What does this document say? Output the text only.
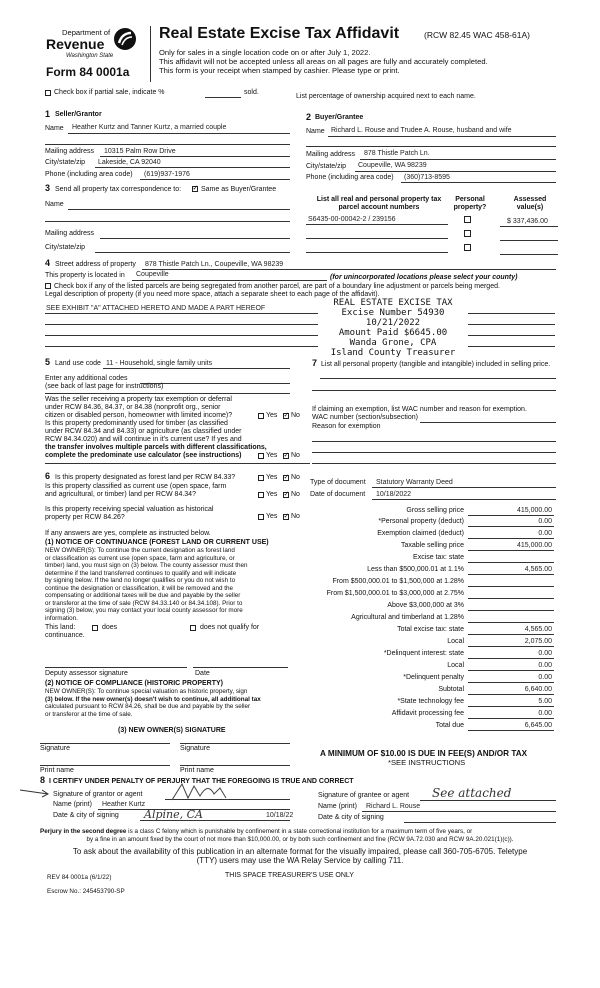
Department of
Revenue
Washington State
Form 84 0001a
Real Estate Excise Tax Affidavit	(RCW 82.45 WAC 458-61A)
Only for sales in a single location code on or after July 1, 2022.
This affidavit will not be accepted unless all areas on all pages are fully and accurately completed.
This form is your receipt when stamped by cashier. Please type or print.
Check box if partial sale, indicate %	sold.
List percentage of ownership acquired next to each name.
1 Seller/Grantor
Name Heather Kurtz and Tanner Kurtz, a married couple
Mailing address 10315 Palm Row Drive
City/state/zip Lakeside, CA 92040
Phone (including area code) (619)937-1976
2 Buyer/Grantee
Name Richard L. Rouse and Trudee A. Rouse, husband and wife
Mailing address 878 Thistle Patch Ln.
City/state/zip Coupeville, WA 98239
Phone (including area code) (360)713-8595
3 Send all property tax correspondence to: ✓	Same as Buyer/Grantee
Name
Mailing address
City/state/zip
List all real and personal property tax
parcel account numbers
Personal
property?
Assessed
value(s)
S6435-00-00042-2 / 239156	$ 337,436.00
4 Street address of property 878 Thistle Patch Ln., Coupeville, WA 98239
This property is located in Coupeville	(for unincorporated locations please select your county)
Check box if any of the listed parcels are being segregated from another parcel, are part of a boundary line adjustment or parcels being merged.
Legal description of property (if you need more space, attach a separate sheet to each page of the affidavit).
SEE EXHIBIT "A" ATTACHED HERETO AND MADE A PART HEREOF
REAL ESTATE EXCISE TAX
Excise Number 54930
10/21/2022
Amount Paid $6645.00
Wanda Grone, CPA
Island County Treasurer
5 Land use code 11 - Household, single family units
Enter any additional codes
(see back of last page for instructions)
Was the seller receiving a property tax exemption or deferral
under RCW 84.36, 84.37, or 84.38 (nonprofit org., senior
citizen or disabled person, homeowner with limited income)?	Yes ✓ No
Is this property predominantly used for timber (as classified
under RCW 84.34 and 84.33) or agriculture (as classified under
RCW 84.34.020) and will continue in it's current use? If yes and
the transfer involves multiple parcels with different classifications,
complete the predominate use calculator (see instructions)	Yes ✓ No
7 List all personal property (tangible and intangible) included in selling price.
If claiming an exemption, list WAC number and reason for exemption.
WAC number (section/subsection)
Reason for exemption
6 Is this property designated as forest land per RCW 84.33?	Yes ✓ No
Is this property classified as current use (open space, farm
and agricultural, or timber) land per RCW 84.34?	Yes ✓ No
Is this property receiving special valuation as historical
property per RCW 84.26?	Yes ✓ No
If any answers are yes, complete as instructed below.
(1) NOTICE OF CONTINUANCE (FOREST LAND OR CURRENT USE)
NEW OWNER(S): To continue the current designation as forest land
or classification as current use (open space, farm and agriculture, or
timber) land, you must sign on (3) below. The county assessor must then
determine if the land transferred continues to qualify and will indicate
by signing below. If the land no longer qualifies or you do not wish to
continue the designation or classification, it will be removed and the
compensating or additional taxes will be due and payable by the seller
or transferor at the time of sale (RCW 84.33.140 or 84.34.108). Prior to
signing (3) below, you may contact your local county assessor for more
information.
This land:	does	does not qualify for
continuance.
Deputy assessor signature	Date
(2) NOTICE OF COMPLIANCE (HISTORIC PROPERTY)
NEW OWNER(S): To continue special valuation as historic property, sign
(3) below. If the new owner(s) doesn't wish to continue, all additional tax
calculated pursuant to RCW 84.26, shall be due and payable by the seller
or transferor at the time of sale.
(3) NEW OWNER(S) SIGNATURE
Signature	Signature
Print name	Print name
Type of document Statutory Warranty Deed
Date of document 10/18/2022
Gross selling price	415,000.00
*Personal property (deduct)	0.00
Exemption claimed (deduct)	0.00
Taxable selling price	415,000.00
Excise tax: state
Less than $500,000.01 at 1.1%	4,565.00
From $500,000.01 to $1,500,000 at 1.28%
From $1,500,000.01 to $3,000,000 at 2.75%
Above $3,000,000 at 3%
Agricultural and timberland at 1.28%
Total excise tax: state	4,565.00
Local	2,075.00
*Delinquent interest: state	0.00
Local	0.00
*Delinquent penalty	0.00
Subtotal	6,640.00
*State technology fee	5.00
Affidavit processing fee	0.00
Total due	6,645.00
A MINIMUM OF $10.00 IS DUE IN FEE(S) AND/OR TAX
*SEE INSTRUCTIONS
8 I CERTIFY UNDER PENALTY OF PERJURY THAT THE FOREGOING IS TRUE AND CORRECT
Signature of grantor or agent
Name (print) Heather Kurtz
Date & city of signing Alpine, CA	10/18/22
Signature of grantee or agent See attached
Name (print) Richard L. Rouse
Date & city of signing
Perjury in the second degree is a class C felony which is punishable by confinement in a state correctional institution for a maximum term of five years, or
by a fine in an amount fixed by the court of not more than $10,000.00, or by both such confinement and fine (RCW 9A.72.030 and RCW 9A.20.021(1)(c)).
To ask about the availability of this publication in an alternate format for the visually impaired, please call 360-705-6705. Teletype
(TTY) users may use the WA Relay Service by calling 711.
REV 84 0001a (6/1/22)	THIS SPACE TREASURER'S USE ONLY
Escrow No.: 245453790-SP
